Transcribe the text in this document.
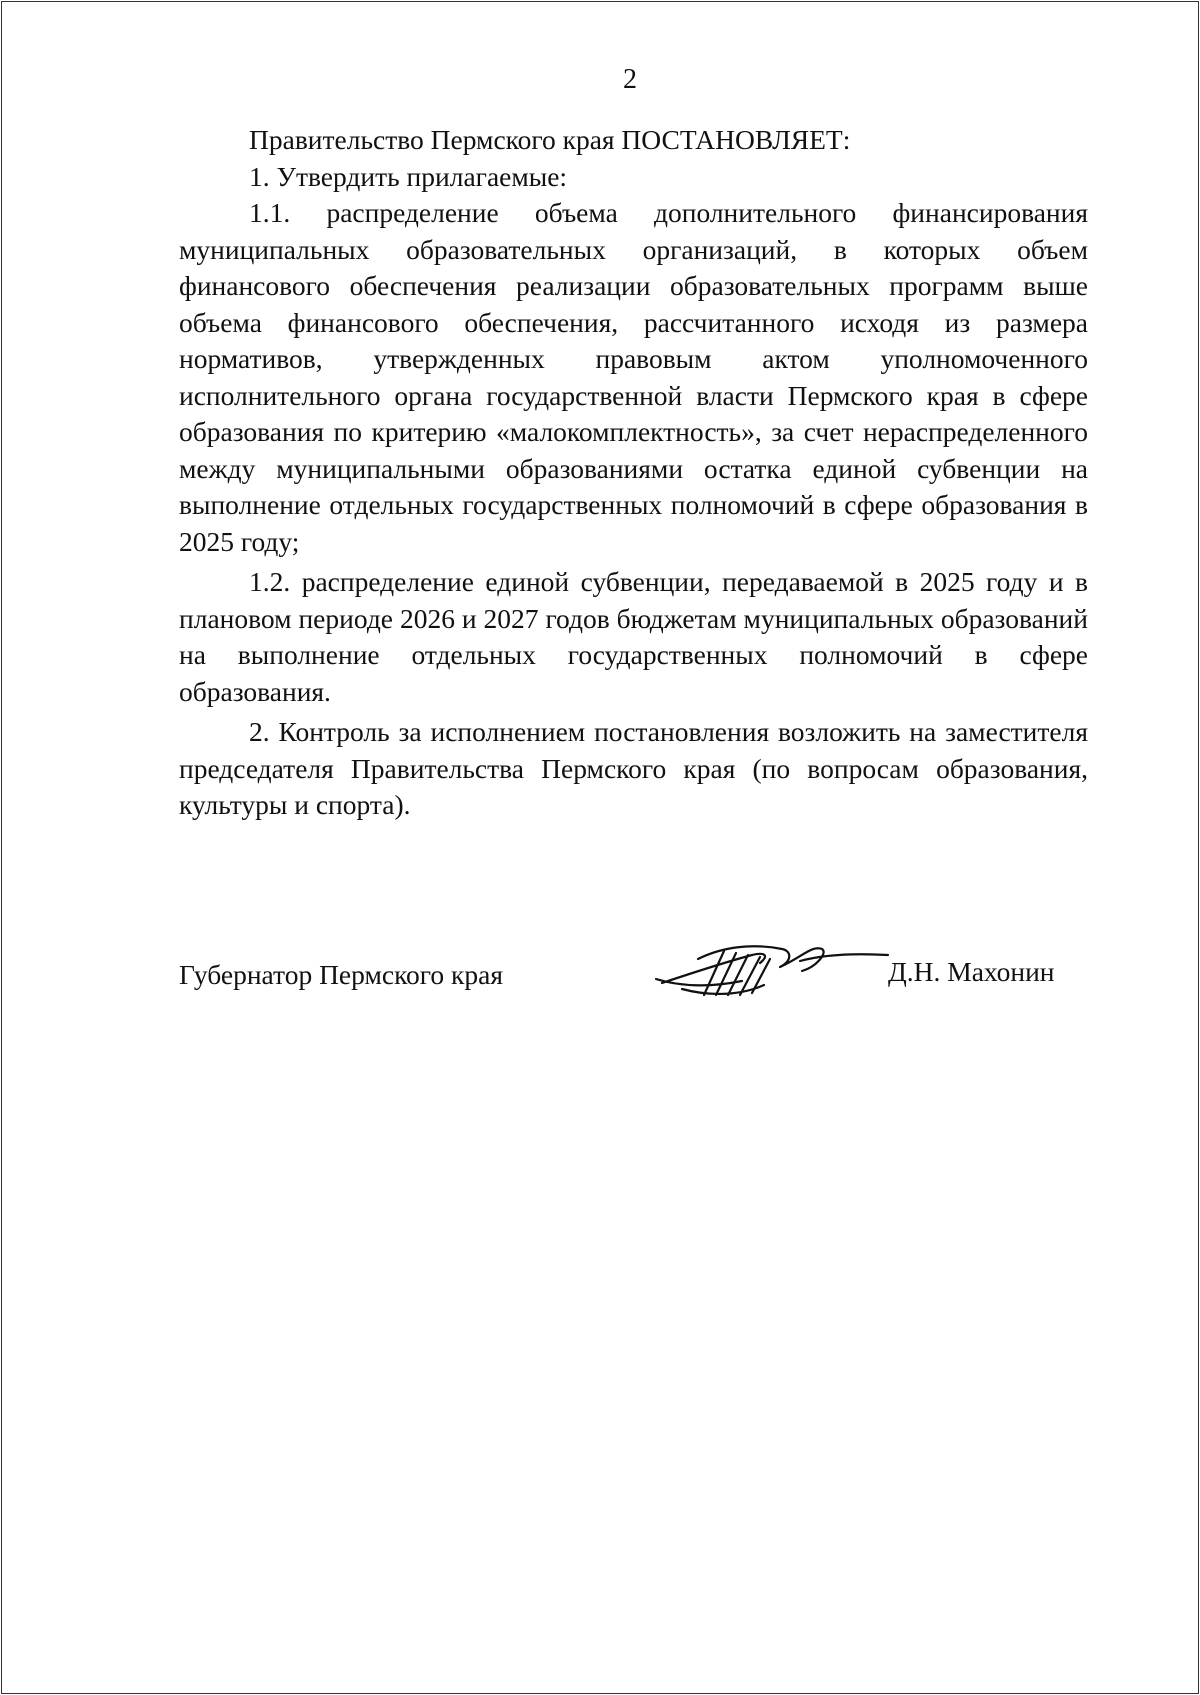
2

Правительство Пермского края ПОСТАНОВЛЯЕТ:

1. Утвердить прилагаемые:

1.1. распределение объема дополнительного финансирования муниципальных образовательных организаций, в которых объем финансового обеспечения реализации образовательных программ выше объема финансового обеспечения, рассчитанного исходя из размера нормативов, утвержденных правовым актом уполномоченного исполнительного органа государственной власти Пермского края в сфере образования по критерию «малокомплектность», за счет нераспределенного между муниципальными образованиями остатка единой субвенции на выполнение отдельных государственных полномочий в сфере образования в 2025 году;

1.2. распределение единой субвенции, передаваемой в 2025 году и в плановом периоде 2026 и 2027 годов бюджетам муниципальных образований на выполнение отдельных государственных полномочий в сфере образования.

2. Контроль за исполнением постановления возложить на заместителя председателя Правительства Пермского края (по вопросам образования, культуры и спорта).

Губернатор Пермского края	Д.Н. Махонин
